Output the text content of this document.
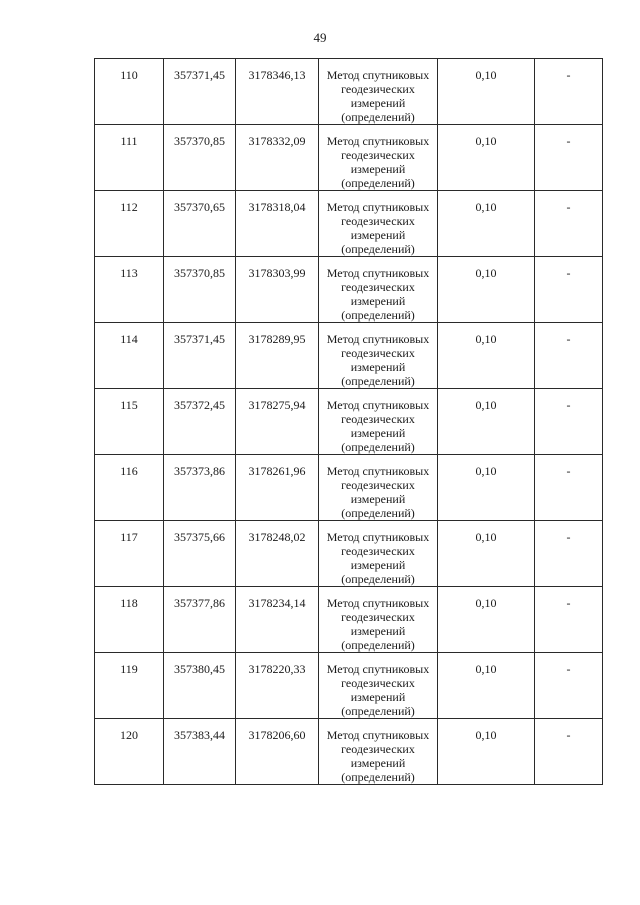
49
110	357371,45	3178346,13	Метод спутниковых
геодезических
измерений
(определений)	0,10	-
111	357370,85	3178332,09	Метод спутниковых
геодезических
измерений
(определений)	0,10	-
112	357370,65	3178318,04	Метод спутниковых
геодезических
измерений
(определений)	0,10	-
113	357370,85	3178303,99	Метод спутниковых
геодезических
измерений
(определений)	0,10	-
114	357371,45	3178289,95	Метод спутниковых
геодезических
измерений
(определений)	0,10	-
115	357372,45	3178275,94	Метод спутниковых
геодезических
измерений
(определений)	0,10	-
116	357373,86	3178261,96	Метод спутниковых
геодезических
измерений
(определений)	0,10	-
117	357375,66	3178248,02	Метод спутниковых
геодезических
измерений
(определений)	0,10	-
118	357377,86	3178234,14	Метод спутниковых
геодезических
измерений
(определений)	0,10	-
119	357380,45	3178220,33	Метод спутниковых
геодезических
измерений
(определений)	0,10	-
120	357383,44	3178206,60	Метод спутниковых
геодезических
измерений
(определений)	0,10	-
